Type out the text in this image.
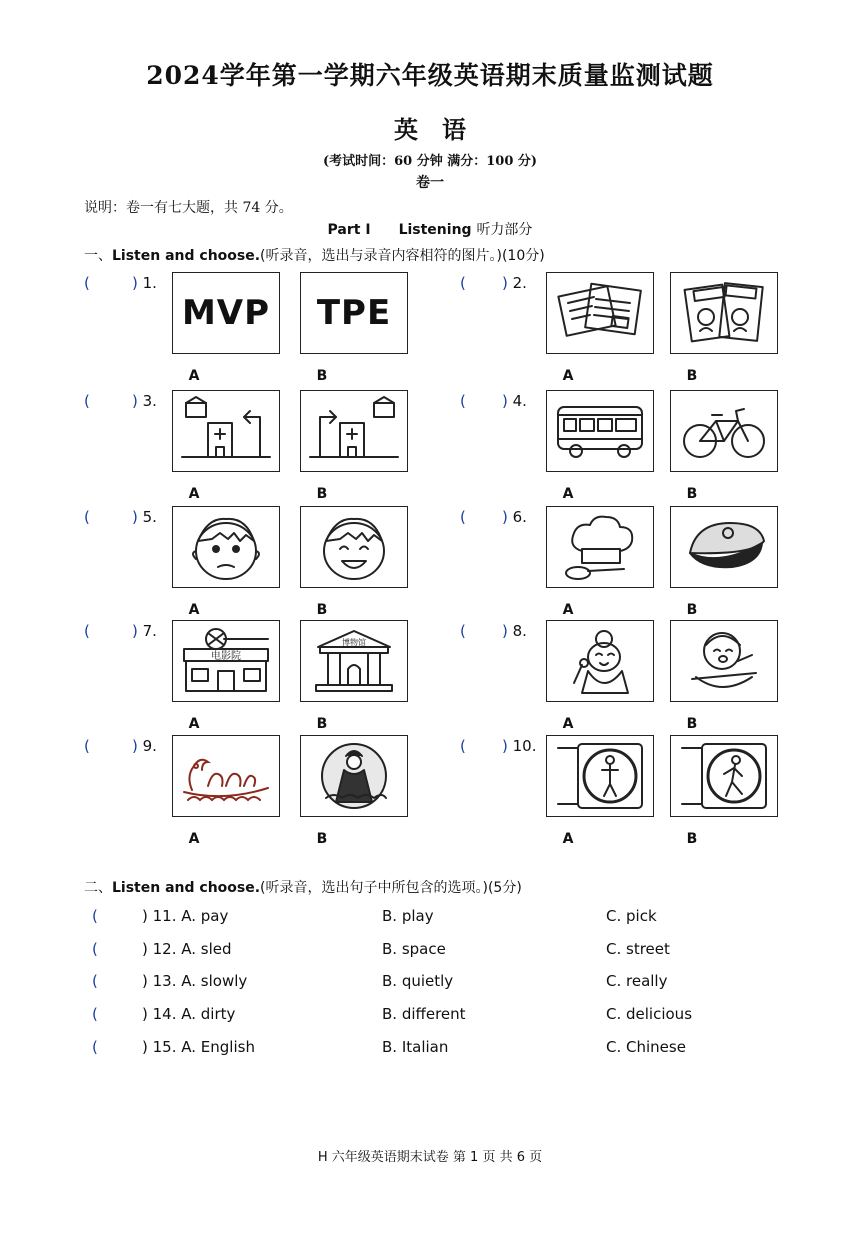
2024学年第一学期六年级英语期末质量监测试题
英语
(考试时间：60 分钟 满分：100 分)
卷一
说明：卷一有七大题，共 74 分。
Part I Listening 听力部分
一、Listen and choose.(听录音，选出与录音内容相符的图片。)(10分)
(	) 1.
MVP
A
TPE
B
( ) 2.
A	B
(	) 3.
A	B
( ) 4.
A	B
(	) 5.
A	B
( ) 6.
A	B
(	) 7.
电影院
A
博物馆
B
( ) 8.
A	B
(	) 9.
A	B
( ) 10.
A	B
二、Listen and choose.(听录音，选出句子中所包含的选项。)(5分)
(	) 11. A. pay	B. play	C. pick
(	) 12. A. sled	B. space	C. street
(	) 13. A. slowly	B. quietly	C. really
(	) 14. A. dirty	B. different	C. delicious
(	) 15. A. English	B. Italian	C. Chinese
H 六年级英语期末试卷 第 1 页 共 6 页
